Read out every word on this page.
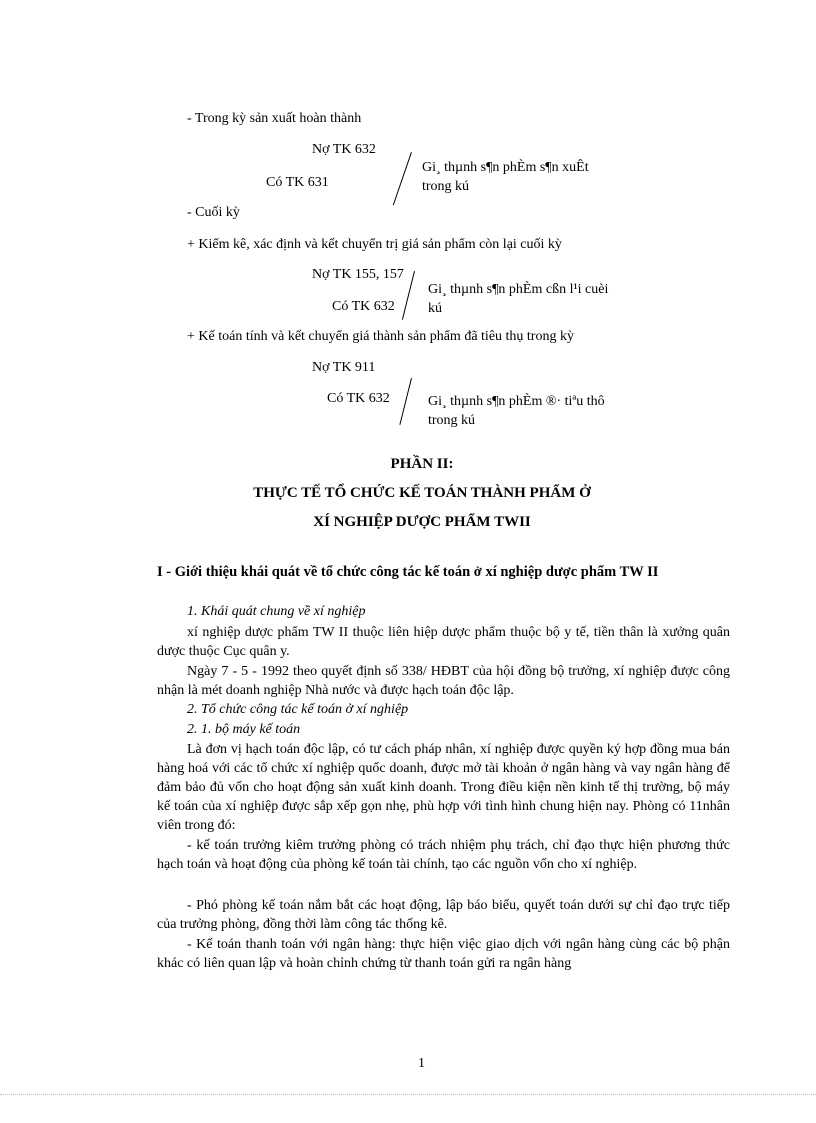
- Trong kỳ sản xuất hoàn thành
Nợ TK 632
Có TK 631
Gi¸ thµnh s¶n phÈm s¶n xuÊt
trong kú
- Cuối kỳ
+ Kiểm kê, xác định và kết chuyển trị giá sản phẩm còn lại cuối kỳ
Nợ TK 155, 157
Có TK 632
Gi¸ thµnh s¶n phÈm cßn l¹i cuèi
kú
+ Kế toán tính và kết chuyển giá thành sản phẩm đã tiêu thụ trong kỳ
Nợ TK 911
Có TK 632	Gi¸ thµnh s¶n phÈm ®· tiªu thô
trong kú
PHẦN II:
THỰC TẾ TỔ CHỨC KẾ TOÁN THÀNH PHẨM Ở
XÍ NGHIỆP DƯỢC PHẨM TWII
I - Giới thiệu khái quát về tổ chức công tác kế toán ở xí nghiệp dược phẩm TW II
1. Khái quát chung về xí nghiệp
xí nghiệp dược phẩm TW II thuộc liên hiệp dược phẩm thuộc bộ y tế, tiền thân là xưởng quân dược thuộc Cục quân y.
Ngày 7 - 5 - 1992 theo quyết định số 338/ HĐBT của hội đồng bộ trưởng, xí nghiệp được công nhận là mét doanh nghiệp Nhà nước và được hạch toán độc lập.
2. Tổ chức công tác kế toán ở xí nghiệp
2. 1. bộ máy kế toán
Là đơn vị hạch toán độc lập, có tư cách pháp nhân, xí nghiệp được quyền ký hợp đồng mua bán hàng hoá với các tổ chức xí nghiệp quốc doanh, được mở tài khoản ở ngân hàng và vay ngân hàng để đảm bảo đủ vốn cho hoạt động sản xuất kinh doanh. Trong điều kiện nền kinh tế thị trường, bộ máy kế toán của xí nghiệp được sắp xếp gọn nhẹ, phù hợp với tình hình chung hiện nay. Phòng có 11nhân viên trong đó:
- kế toán trưởng kiêm trưởng phòng có trách nhiệm phụ trách, chỉ đạo thực hiện phương thức hạch toán và hoạt động của phòng kế toán tài chính, tạo các nguồn vốn cho xí nghiệp.
- Phó phòng kế toán nắm bắt các hoạt động, lập báo biểu, quyết toán dưới sự chỉ đạo trực tiếp của trưởng phòng, đồng thời làm công tác thống kê.
- Kế toán thanh toán với ngân hàng: thực hiện việc giao dịch với ngân hàng cùng các bộ phận khác có liên quan lập và hoàn chỉnh chứng từ thanh toán gửi ra ngân hàng
1
